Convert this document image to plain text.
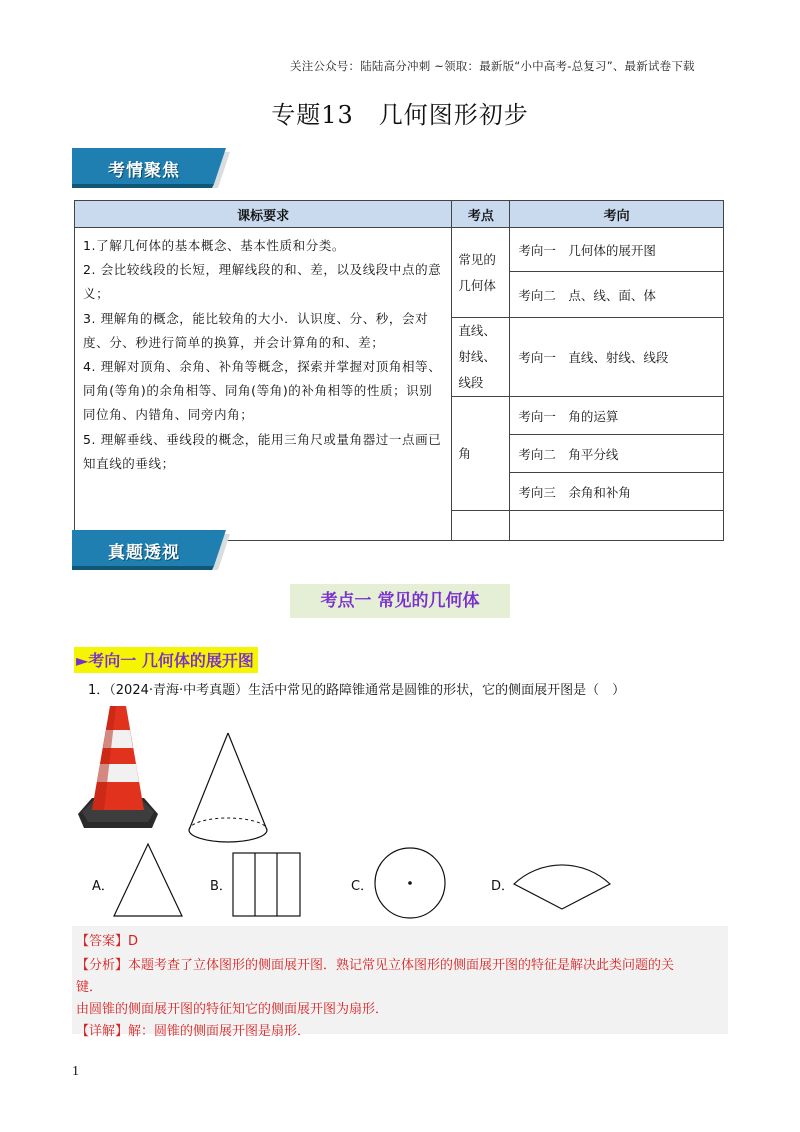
关注公众号：陆陆高分冲刺 ~领取：最新版“小中高考-总复习”、最新试卷下载
专题13　几何图形初步
考情聚焦
课标要求	考点	考向

1.了解几何体的基本概念、基本性质和分类。

2. 会比较线段的长短，理解线段的和、差，以及线段中点的意义；

3. 理解角的概念，能比较角的大小．认识度、分、秒，会对度、分、秒进行简单的换算，并会计算角的和、差；

4. 理解对顶角、余角、补角等概念，探索并掌握对顶角相等、同角(等角)的余角相等、同角(等角)的补角相等的性质；识别同位角、内错角、同旁内角；

5. 理解垂线、垂线段的概念，能用三角尺或量角器过一点画已知直线的垂线；	常见的几何体	考向一　几何体的展开图
		考向二　点、线、面、体
	直线、射线、线段	考向一　直线、射线、线段
	角	考向一　角的运算
		考向二　角平分线
		考向三　余角和补角

真题透视
考点一 常见的几何体
►考向一 几何体的展开图
1．（2024·青海·中考真题）生活中常见的路障锥通常是圆锥的形状，它的侧面展开图是（　）
A．	B．	C．	D．
【答案】D
【分析】本题考查了立体图形的侧面展开图．熟记常见立体图形的侧面展开图的特征是解决此类问题的关
键．
由圆锥的侧面展开图的特征知它的侧面展开图为扇形．
【详解】解：圆锥的侧面展开图是扇形．
1
